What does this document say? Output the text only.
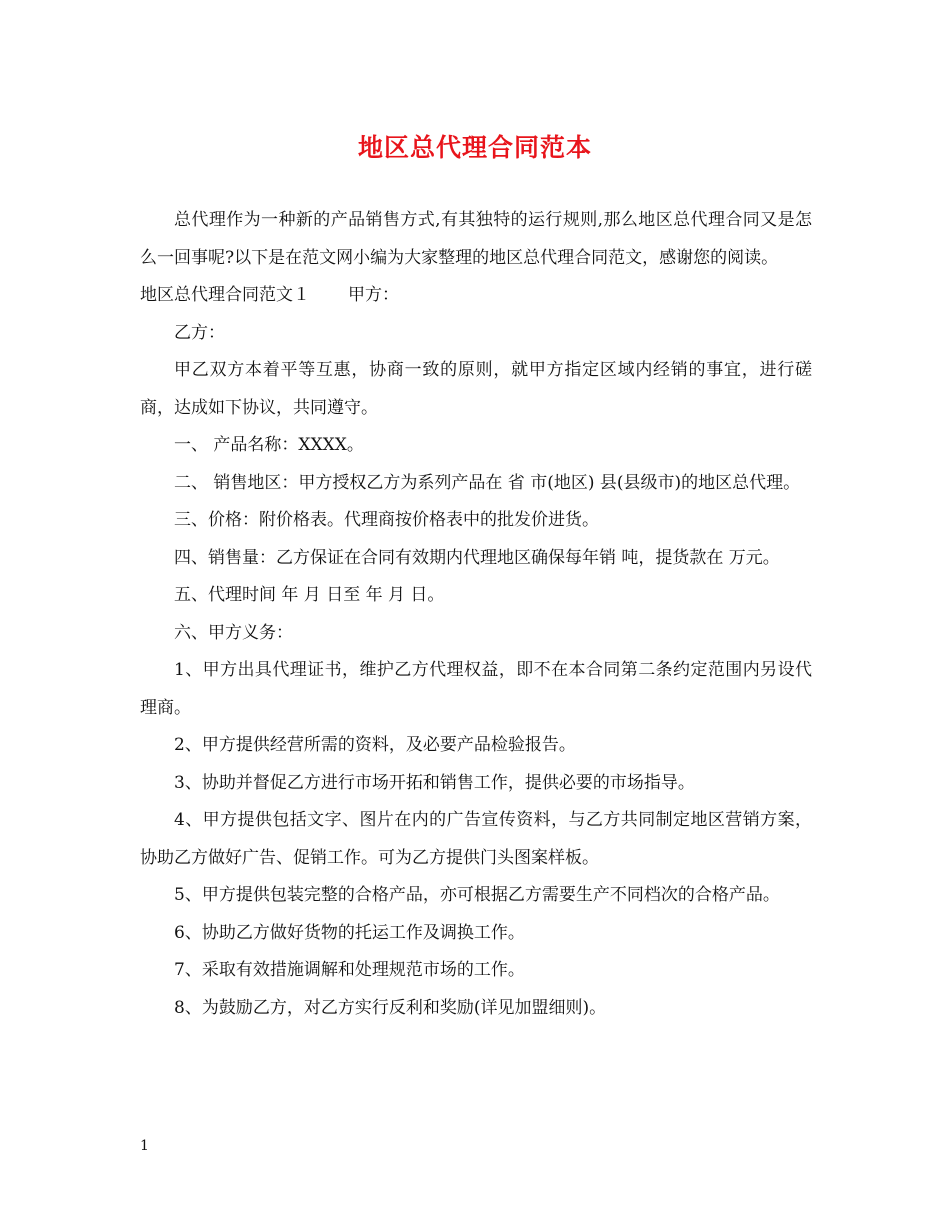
地区总代理合同范本

总代理作为一种新的产品销售方式,有其独特的运行规则,那么地区总代理合同又是怎么一回事呢?以下是在范文网小编为大家整理的地区总代理合同范文，感谢您的阅读。

地区总代理合同范文１ 甲方：

乙方：

甲乙双方本着平等互惠，协商一致的原则，就甲方指定区域内经销的事宜，进行磋商，达成如下协议，共同遵守。

一、 产品名称：XXXX。

二、 销售地区：甲方授权乙方为系列产品在 省 市(地区) 县(县级市)的地区总代理。

三、价格：附价格表。代理商按价格表中的批发价进货。

四、销售量：乙方保证在合同有效期内代理地区确保每年销 吨，提货款在 万元。

五、代理时间 年 月 日至 年 月 日。

六、甲方义务：

1、甲方出具代理证书，维护乙方代理权益，即不在本合同第二条约定范围内另设代理商。

2、甲方提供经营所需的资料，及必要产品检验报告。

3、协助并督促乙方进行市场开拓和销售工作，提供必要的市场指导。

4、甲方提供包括文字、图片在内的广告宣传资料，与乙方共同制定地区营销方案，协助乙方做好广告、促销工作。可为乙方提供门头图案样板。

5、甲方提供包装完整的合格产品，亦可根据乙方需要生产不同档次的合格产品。

6、协助乙方做好货物的托运工作及调换工作。

7、采取有效措施调解和处理规范市场的工作。

8、为鼓励乙方，对乙方实行反利和奖励(详见加盟细则)。

1
